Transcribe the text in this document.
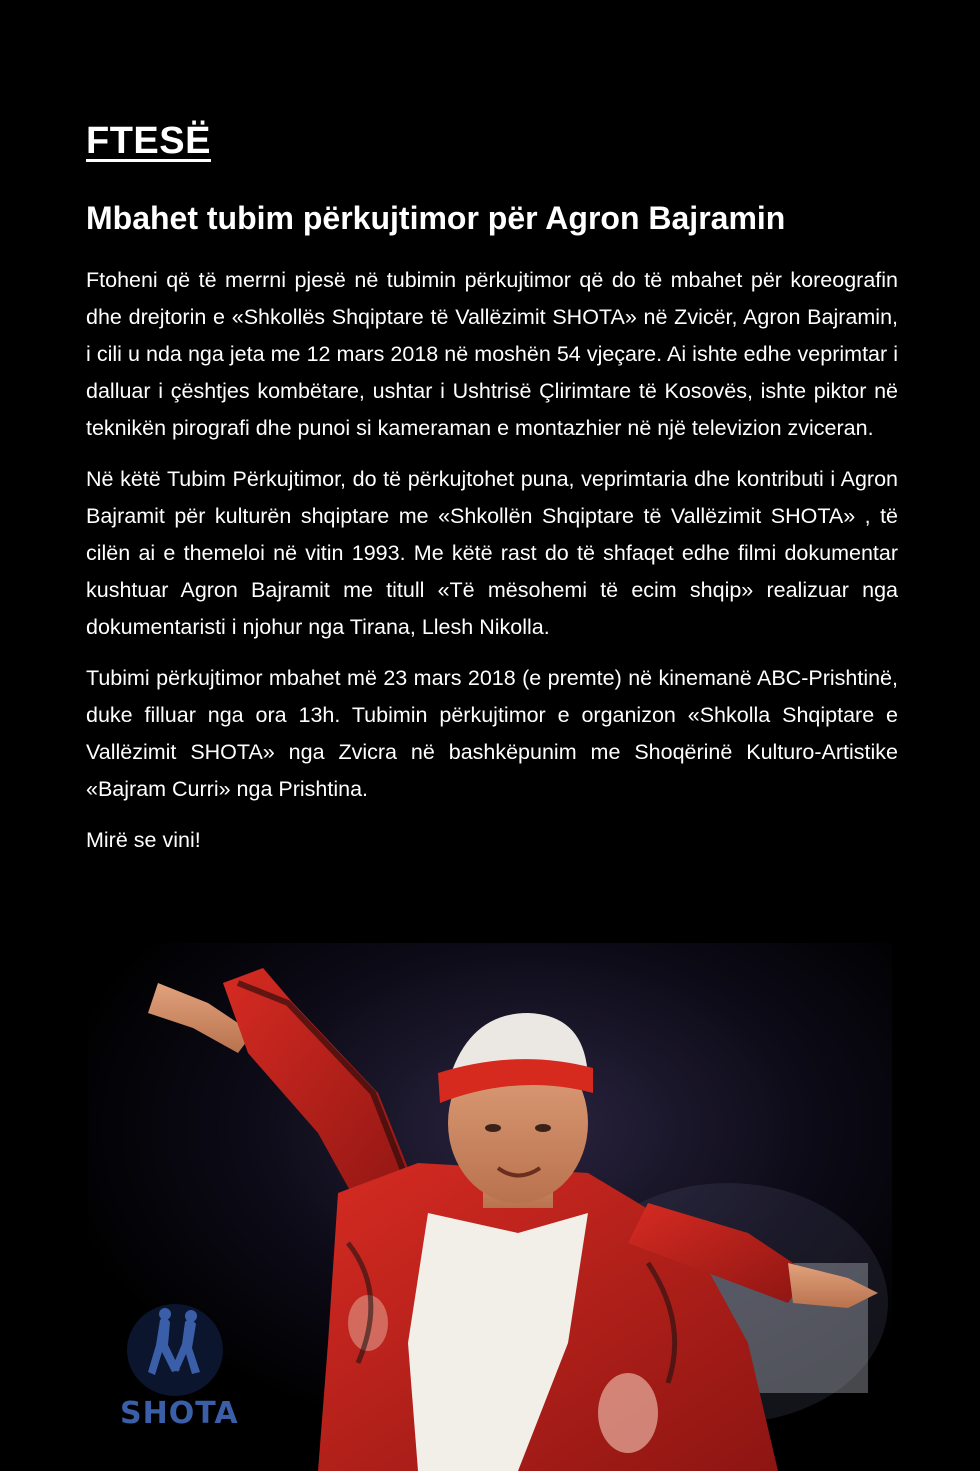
FTESË
Mbahet tubim përkujtimor për Agron Bajramin

Ftoheni që të merrni pjesë në tubimin përkujtimor që do të mbahet për koreografin dhe drejtorin e «Shkollës Shqiptare të Vallëzimit SHOTA» në Zvicër, Agron Bajramin, i cili u nda nga jeta me 12 mars 2018 në moshën 54 vjeçare. Ai ishte edhe veprimtar i dalluar i çështjes kombëtare, ushtar i Ushtrisë Çlirimtare të Kosovës, ishte piktor në teknikën pirografi dhe punoi si kameraman e montazhier në një televizion zviceran.

Në këtë Tubim Përkujtimor, do të përkujtohet puna, veprimtaria dhe kontributi i Agron Bajramit për kulturën shqiptare me «Shkollën Shqiptare të Vallëzimit SHOTA» , të cilën ai e themeloi në vitin 1993. Me këtë rast do të shfaqet edhe filmi dokumentar kushtuar Agron Bajramit me titull «Të mësohemi të ecim shqip» realizuar nga dokumentaristi i njohur nga Tirana, Llesh Nikolla.

Tubimi përkujtimor mbahet më 23 mars 2018 (e premte) në kinemanë ABC-Prishtinë, duke filluar nga ora 13h. Tubimin përkujtimor e organizon «Shkolla Shqiptare e Vallëzimit SHOTA» nga Zvicra në bashkëpunim me Shoqërinë Kulturo-Artistike «Bajram Curri» nga Prishtina.

Mirë se vini!

SHOTA
